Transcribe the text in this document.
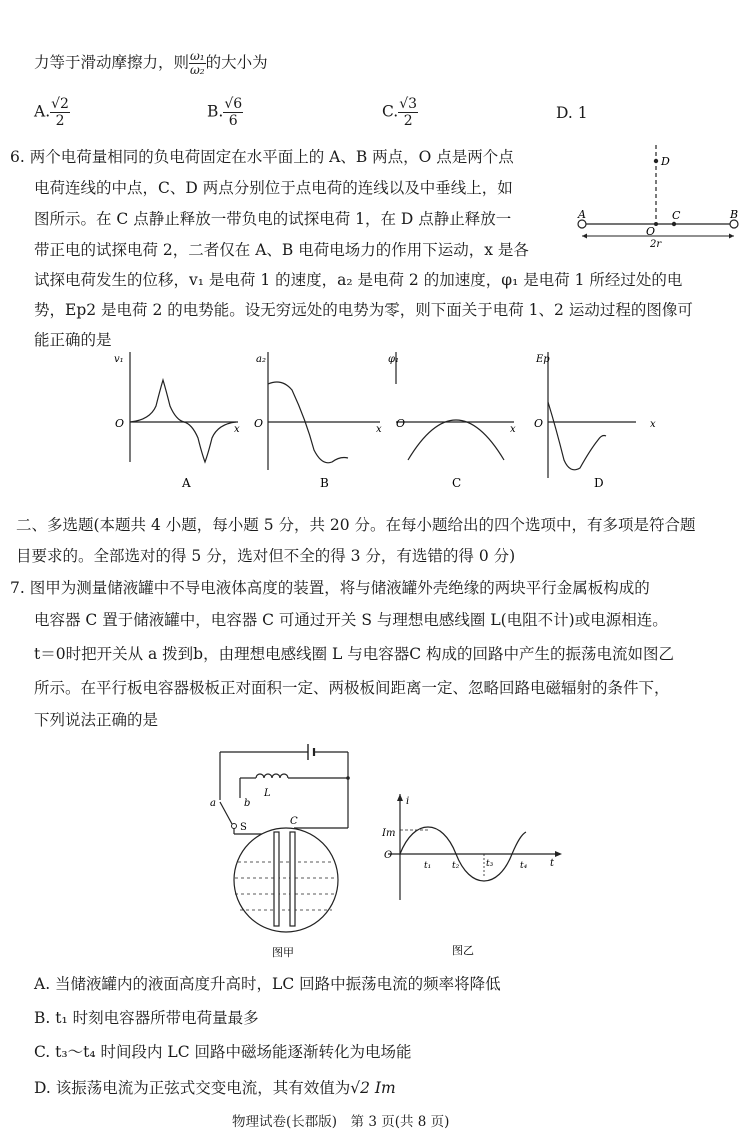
力等于滑动摩擦力，则 $\frac{\text{ω₁}}{\text{ω₂}}$ 的大小为
A. $\frac{√2}{2}$	B. $\frac{√6}{6}$	C. $\frac{√3}{2}$	D. 1
6. 两个电荷量相同的负电荷固定在水平面上的 A、B 两点，O 点是两个点
电荷连线的中点，C、D 两点分别位于点电荷的连线以及中垂线上，如
图所示。在 C 点静止释放一带负电的试探电荷 1，在 D 点静止释放一
带正电的试探电荷 2，二者仅在 A、B 电荷电场力的作用下运动，x 是各
试探电荷发生的位移，v₁ 是电荷 1 的速度，a₂ 是电荷 2 的加速度，φ₁ 是电荷 1 所经过处的电
势，Ep2 是电荷 2 的电势能。设无穷远处的电势为零，则下面关于电荷 1、2 运动过程的图像可
能正确的是
D
A	B
O
C
2r
v₁
x
O
A
a₂
x
O
B
φ₁
x
O
C
Ep
x
O
D
二、多选题(本题共 4 小题，每小题 5 分，共 20 分。在每小题给出的四个选项中，有多项是符合题
目要求的。全部选对的得 5 分，选对但不全的得 3 分，有选错的得 0 分)
7. 图甲为测量储液罐中不导电液体高度的装置，将与储液罐外壳绝缘的两块平行金属板构成的
电容器 C 置于储液罐中，电容器 C 可通过开关 S 与理想电感线圈 L(电阻不计)或电源相连。
t＝0时把开关从 a 拨到b，由理想电感线圈 L 与电容器C 构成的回路中产生的振荡电流如图乙
所示。在平行板电容器极板正对面积一定、两极板间距离一定、忽略回路电磁辐射的条件下，
下列说法正确的是
L
a	b
S
C
图甲
i
Im
O
t₁ t₂	t₃	t₄ t
图乙
A. 当储液罐内的液面高度升高时，LC 回路中振荡电流的频率将降低
B. t₁ 时刻电容器所带电荷量最多
C. t₃～t₄ 时间段内 LC 回路中磁场能逐渐转化为电场能
D. 该振荡电流为正弦式交变电流，其有效值为√2 Im
物理试卷(长郡版)　第 3 页(共 8 页)
